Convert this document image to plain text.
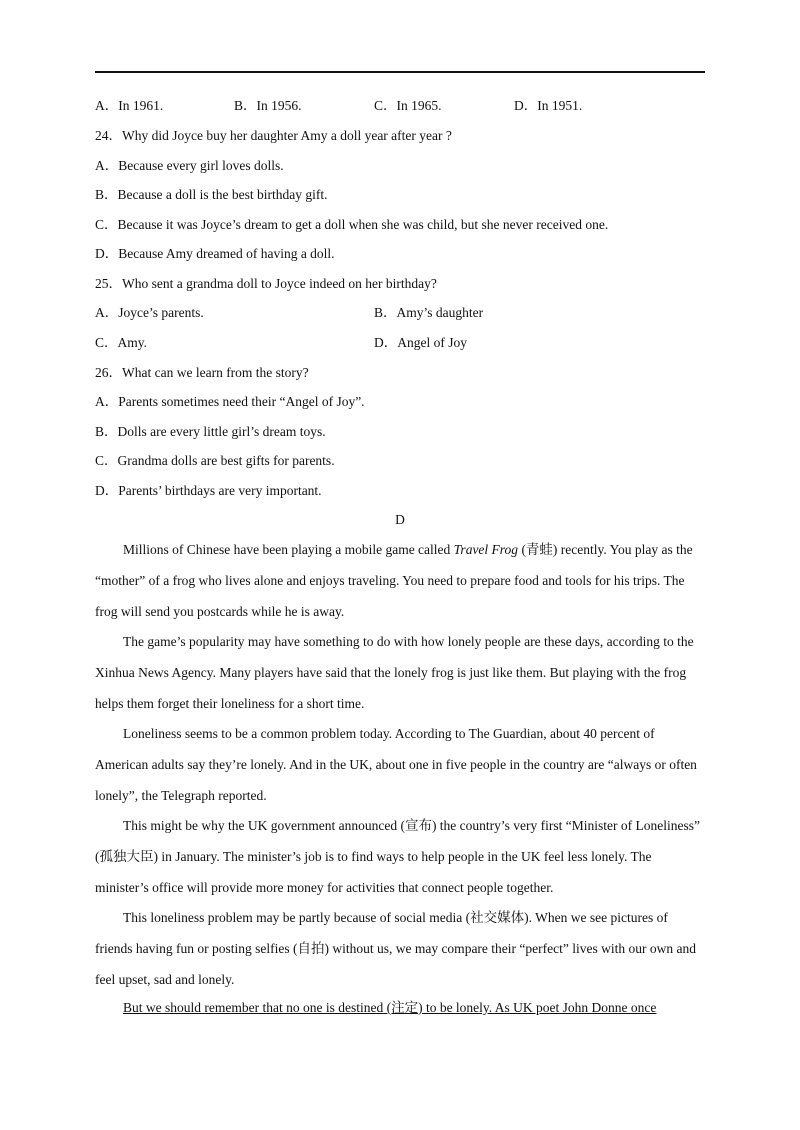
A．In 1961.	B．In 1956.	C．In 1965.	D．In 1951.
24．Why did Joyce buy her daughter Amy a doll year after year ?
A．Because every girl loves dolls.
B．Because a doll is the best birthday gift.
C．Because it was Joyce’s dream to get a doll when she was child, but she never received one.
D．Because Amy dreamed of having a doll.
25．Who sent a grandma doll to Joyce indeed on her birthday?
A．Joyce’s parents.	B．Amy’s daughter
C．Amy.	D．Angel of Joy
26．What can we learn from the story?
A．Parents sometimes need their “Angel of Joy”.
B．Dolls are every little girl’s dream toys.
C．Grandma dolls are best gifts for parents.
D．Parents’ birthdays are very important.
D
Millions of Chinese have been playing a mobile game called Travel Frog (青蛙) recently. You play as the “mother” of a frog who lives alone and enjoys traveling. You need to prepare food and tools for his trips. The frog will send you postcards while he is away.
The game’s popularity may have something to do with how lonely people are these days, according to the Xinhua News Agency. Many players have said that the lonely frog is just like them. But playing with the frog helps them forget their loneliness for a short time.
Loneliness seems to be a common problem today. According to The Guardian, about 40 percent of American adults say they’re lonely. And in the UK, about one in five people in the country are “always or often lonely”, the Telegraph reported.
This might be why the UK government announced (宣布) the country’s very first “Minister of Loneliness” (孤独大臣) in January. The minister’s job is to find ways to help people in the UK feel less lonely. The minister’s office will provide more money for activities that connect people together.
This loneliness problem may be partly because of social media (社交媒体). When we see pictures of friends having fun or posting selfies (自拍) without us, we may compare their “perfect” lives with our own and feel upset, sad and lonely.
But we should remember that no one is destined (注定) to be lonely. As UK poet John Donne once
